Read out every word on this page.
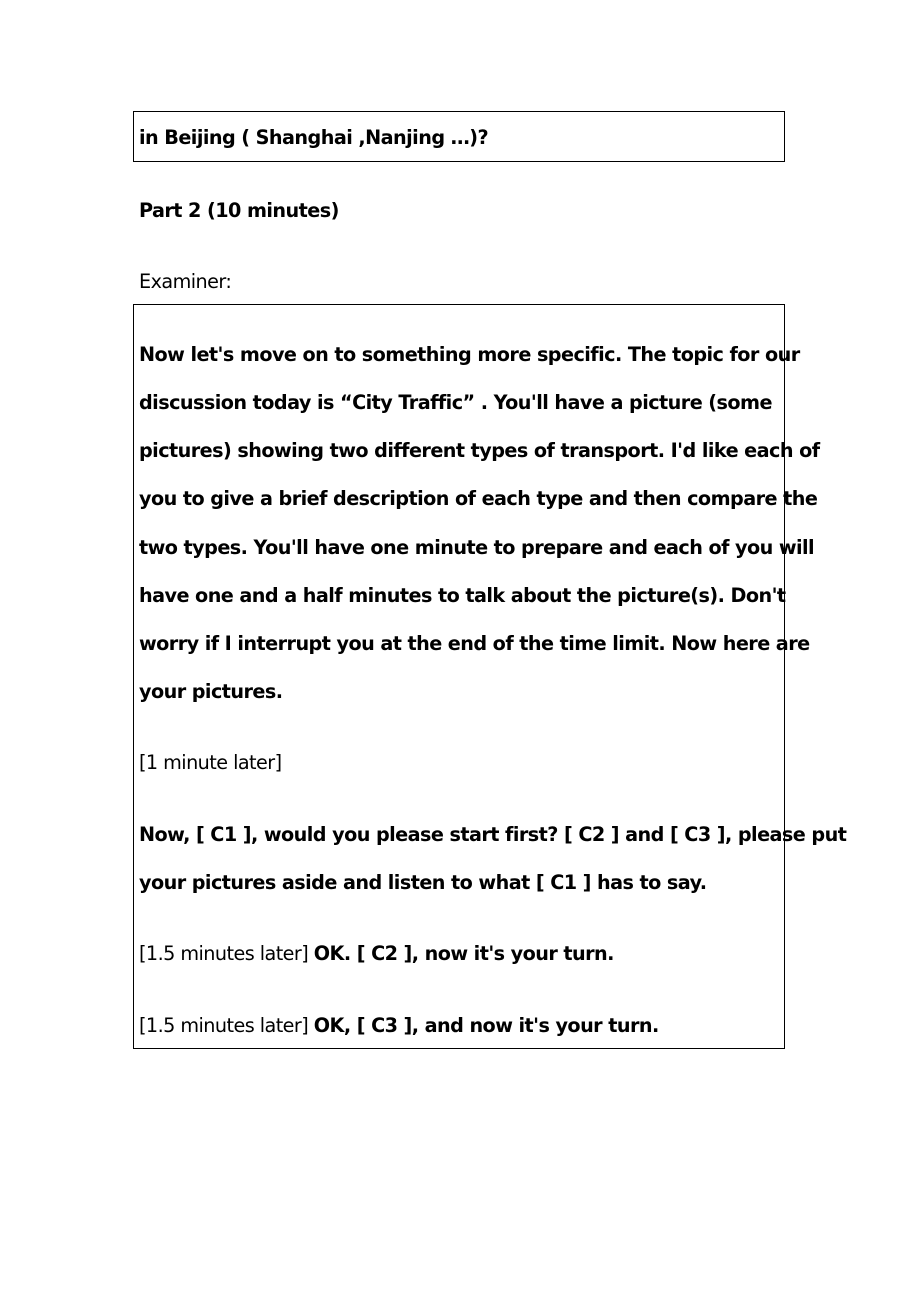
in Beijing ( Shanghai ,Nanjing …)?
Part 2 (10 minutes)
Examiner:
Now let's move on to something more specific. The topic for our
discussion today is “City Traffic” . You'll have a picture (some
pictures) showing two different types of transport. I'd like each of
you to give a brief description of each type and then compare the
two types. You'll have one minute to prepare and each of you will
have one and a half minutes to talk about the picture(s). Don't
worry if I interrupt you at the end of the time limit. Now here are
your pictures.
[1 minute later]
Now, [ C1 ], would you please start first? [ C2 ] and [ C3 ], please put
your pictures aside and listen to what [ C1 ] has to say.
[1.5 minutes later] OK. [ C2 ], now it's your turn.
[1.5 minutes later] OK, [ C3 ], and now it's your turn.
